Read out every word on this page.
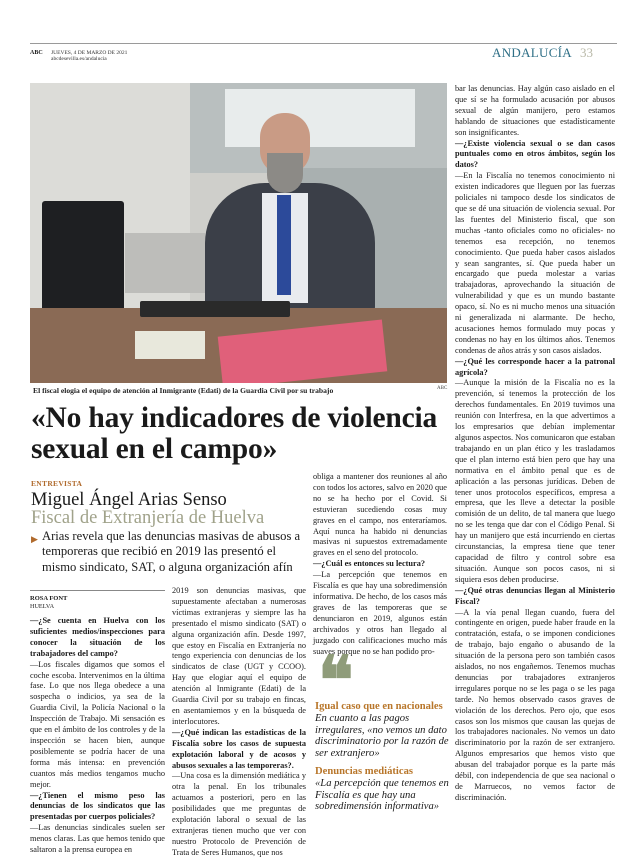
ABC JUEVES, 4 DE MARZO DE 2021
abcdesevilla.es/andalucia	ANDALUCÍA 33
El fiscal elogia el equipo de atención al Inmigrante (Edati) de la Guardia Civil por su trabajo	ABC
«No hay indicadores de violencia sexual en el campo»
ENTREVISTA
Miguel Ángel Arias Senso
Fiscal de Extranjería de Huelva
▶ Arias revela que las denuncias masivas de abusos a temporeras que recibió en 2019 las presentó el mismo sindicato, SAT, o alguna organización afín
ROSA FONT
HUELVA

—¿Se cuenta en Huelva con los suficientes medios/inspecciones para conocer la situación de los trabajadores del campo?

—Los fiscales digamos que somos el coche escoba. Intervenimos en la última fase. Lo que nos llega obedece a una sospecha o indicios, ya sea de la Guardia Civil, la Policía Nacional o la Inspección de Trabajo. Mi sensación es que en el ámbito de los controles y de la inspección se hacen bien, aunque posiblemente se podría hacer de una forma más intensa: en prevención cuantos más medios tengamos mucho mejor.

—¿Tienen el mismo peso las denuncias de los sindicatos que las presentadas por cuerpos policiales?

—Las denuncias sindicales suelen ser menos claras. Las que hemos tenido que saltaron a la prensa europea en

2019 son denuncias masivas, que supuestamente afectaban a numerosas víctimas extranjeras y siempre las ha presentado el mismo sindicato (SAT) o alguna organización afín. Desde 1997, que estoy en Fiscalía en Extranjería no tengo experiencia con denuncias de los sindicatos de clase (UGT y CCOO). Hay que elogiar aquí el equipo de atención al Inmigrante (Edati) de la Guardia Civil por su trabajo en fincas, en asentamiemos y en la búsqueda de interlocutores.

—¿Qué indican las estadísticas de la Fiscalía sobre los casos de supuesta explotación laboral y de acosos y abusos sexuales a las temporeras?.

—Una cosa es la dimensión mediática y otra la penal. En los tribunales actuamos a posteriori, pero en las posibilidades que me preguntas de explotación laboral o sexual de las extranjeras tienen mucho que ver con nuestro Protocolo de Prevención de Trata de Seres Humanos, que nos

obliga a mantener dos reuniones al año con todos los actores, salvo en 2020 que no se ha hecho por el Covid. Si estuvieran sucediendo cosas muy graves en el campo, nos enteraríamos. Aquí nunca ha habido ni denuncias masivas ni supuestos extremadamente graves en el seno del protocolo.

—¿Cuál es entonces su lectura?

—La percepción que tenemos en Fiscalía es que hay una sobredimensión informativa. De hecho, de los casos más graves de las temporeras que se denunciaron en 2019, algunos están archivados y otros han llegado al juzgado con calificaciones mucho más suaves porque no se han podido pro-

❝
Igual caso que en nacionales
En cuanto a las pagos irregulares, «no vemos un dato discriminatorio por la razón de ser extranjero»
Denuncias mediáticas
«La percepción que tenemos en Fiscalía es que hay una sobredimensión informativa»

bar las denuncias. Hay algún caso aislado en el que sí se ha formulado acusación por abusos sexual de algún manijero, pero estamos hablando de situaciones que estadísticamente son insignificantes.

—¿Existe violencia sexual o se dan casos puntuales como en otros ámbitos, según los datos?

—En la Fiscalía no tenemos conocimiento ni existen indicadores que lleguen por las fuerzas policiales ni tampoco desde los sindicatos de que se dé una situación de violencia sexual. Por las fuentes del Ministerio fiscal, que son muchas -tanto oficiales como no oficiales- no tenemos esa recepción, no tenemos conocimiento. Que pueda haber casos aislados y sean sangrantes, sí. Que pueda haber un encargado que pueda molestar a varias trabajadoras, aprovechando la situación de vulnerabilidad y que es un mundo bastante opaco, sí. No es ni mucho menos una situación ni generalizada ni alarmante. De hecho, acusaciones hemos formulado muy pocas y condenas no hay en los últimos años. Tenemos condenas de años atrás y son casos aislados.

—¿Qué les corresponde hacer a la patronal agrícola?

—Aunque la misión de la Fiscalía no es la prevención, sí tenemos la protección de los derechos fundamentales. En 2019 tuvimos una reunión con Interfresa, en la que advertimos a los empresarios que debían implementar algunos aspectos. Nos comunicaron que estaban trabajando en un plan ético y les trasladamos que el plan interno está bien pero que hay una normativa en el ámbito penal que es de aplicación a las personas jurídicas. Deben de tener unos protocolos específicos, empresa a empresa, que les lleve a detectar la posible comisión de un delito, de tal manera que luego no se les tenga que dar con el Código Penal. Si hay un manijero que está incurriendo en ciertas circunstancias, la empresa tiene que tener capacidad de filtro y control sobre esa situación. Aunque son pocos casos, ni si siquiera esos deben producirse.

—¿Qué otras denuncias llegan al Ministerio Fiscal?

—A la vía penal llegan cuando, fuera del contingente en origen, puede haber fraude en la contratación, estafa, o se imponen condiciones de trabajo, bajo engaño o abusando de la situación de la persona pero son también casos aislados, no nos engañemos. Tenemos muchas denuncias por trabajadores extranjeros irregulares porque no se les paga o se les paga tarde. No hemos observado casos graves de violación de los derechos. Pero ojo, que esos casos son los mismos que causan las quejas de los trabajadores nacionales. No vemos un dato discriminatorio por la razón de ser extranjero. Algunos empresarios que hemos visto que abusan del trabajador porque es la parte más débil, con independencia de que sea nacional o de Marruecos, no vemos factor de discriminación.
